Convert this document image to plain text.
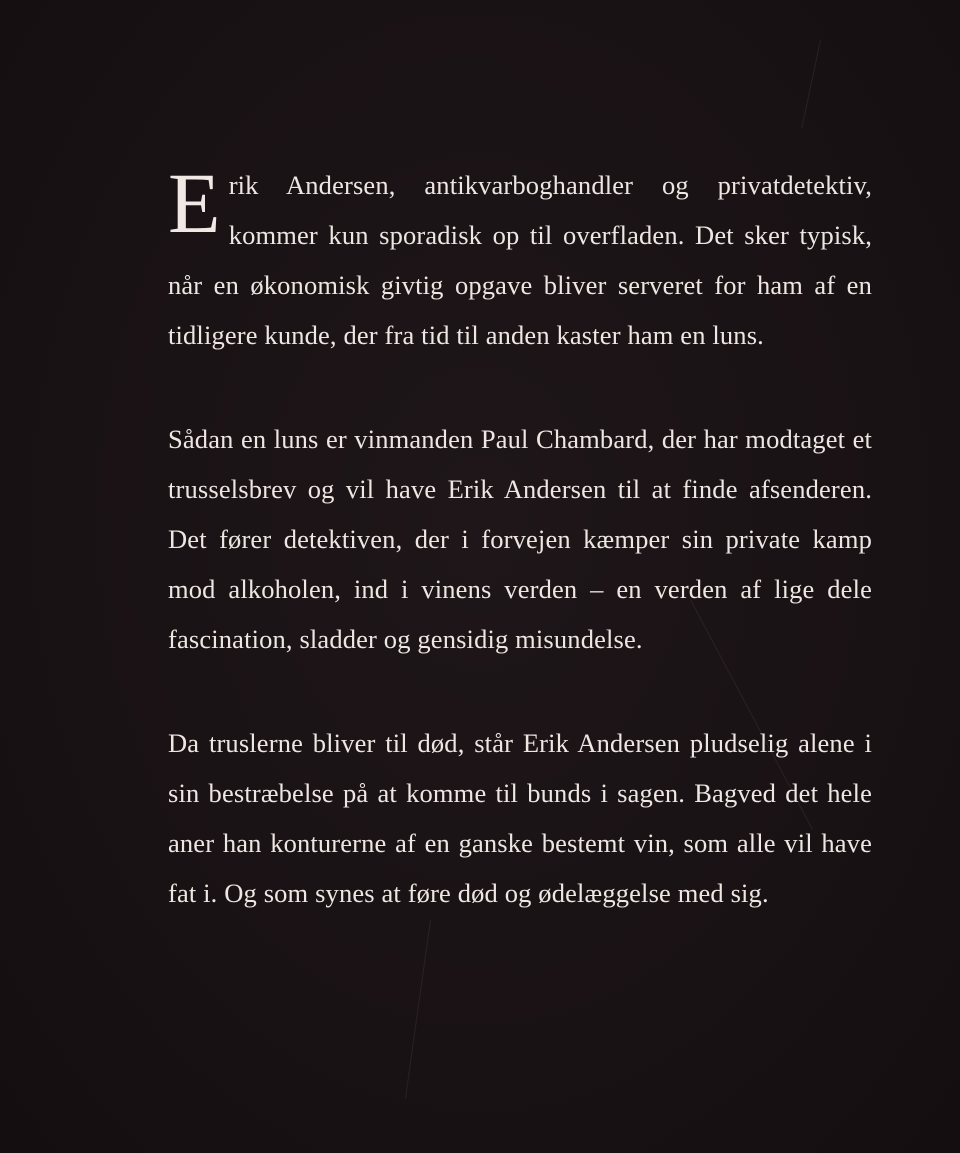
Erik Andersen, antikvarboghandler og privatdetektiv, kommer kun sporadisk op til overfladen. Det sker typisk, når en økonomisk givtig opgave bliver serveret for ham af en tidligere kunde, der fra tid til anden kaster ham en luns.

Sådan en luns er vinmanden Paul Chambard, der har modtaget et trusselsbrev og vil have Erik Andersen til at finde afsenderen. Det fører detektiven, der i forvejen kæmper sin private kamp mod alkoholen, ind i vinens verden – en verden af lige dele fascination, sladder og gensidig misundelse.

Da truslerne bliver til død, står Erik Andersen pludselig alene i sin bestræbelse på at komme til bunds i sagen. Bagved det hele aner han konturerne af en ganske bestemt vin, som alle vil have fat i. Og som synes at føre død og ødelæggelse med sig.
